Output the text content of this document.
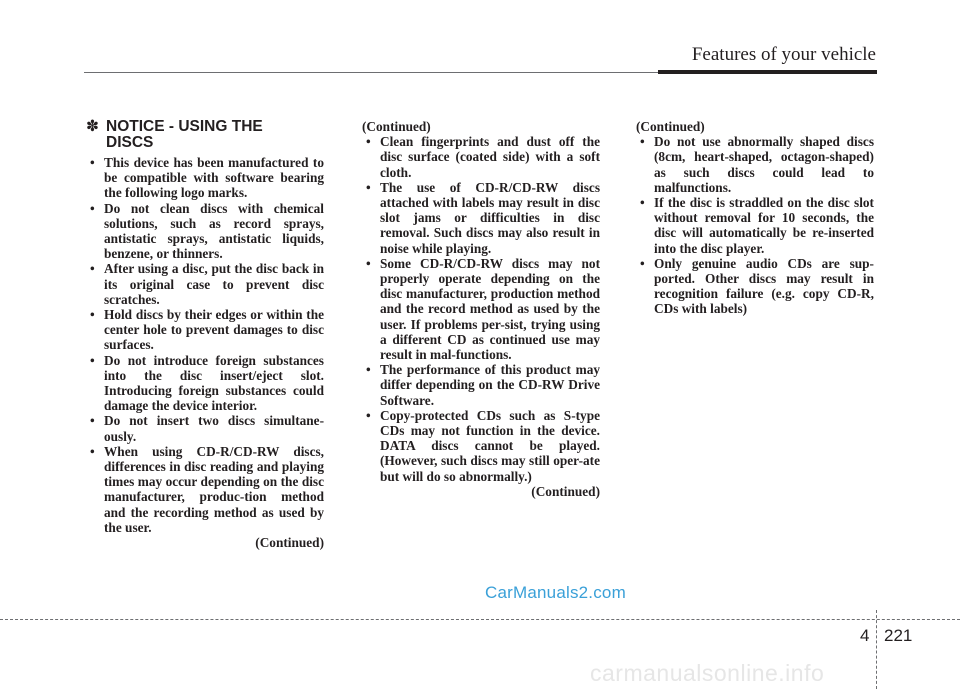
Features of your vehicle
✽ NOTICE - USING THE DISCS
• This device has been manufactured to be compatible with software bearing the following logo marks.
• Do not clean discs with chemical solutions, such as record sprays, antistatic sprays, antistatic liquids, benzene, or thinners.
• After using a disc, put the disc back in its original case to prevent disc scratches.
• Hold discs by their edges or within the center hole to prevent damages to disc surfaces.
• Do not introduce foreign substances into the disc insert/eject slot. Introducing foreign substances could damage the device interior.
• Do not insert two discs simultane-ously.
• When using CD-R/CD-RW discs, differences in disc reading and playing times may occur depending on the disc manufacturer, produc-tion method and the recording method as used by the user.

(Continued)

(Continued)

• Clean fingerprints and dust off the disc surface (coated side) with a soft cloth.
• The use of CD-R/CD-RW discs attached with labels may result in disc slot jams or difficulties in disc removal. Such discs may also result in noise while playing.
• Some CD-R/CD-RW discs may not properly operate depending on the disc manufacturer, production method and the record method as used by the user. If problems per-sist, trying using a different CD as continued use may result in mal-functions.
• The performance of this product may differ depending on the CD-RW Drive Software.
• Copy-protected CDs such as S-type CDs may not function in the device. DATA discs cannot be played. (However, such discs may still oper-ate but will do so abnormally.)

(Continued)

(Continued)

• Do not use abnormally shaped discs (8cm, heart-shaped, octagon-shaped) as such discs could lead to malfunctions.
• If the disc is straddled on the disc slot without removal for 10 seconds, the disc will automatically be re-inserted into the disc player.
• Only genuine audio CDs are sup-ported. Other discs may result in recognition failure (e.g. copy CD-R, CDs with labels)
CarManuals2.com
4 221
carmanualsonline.info
